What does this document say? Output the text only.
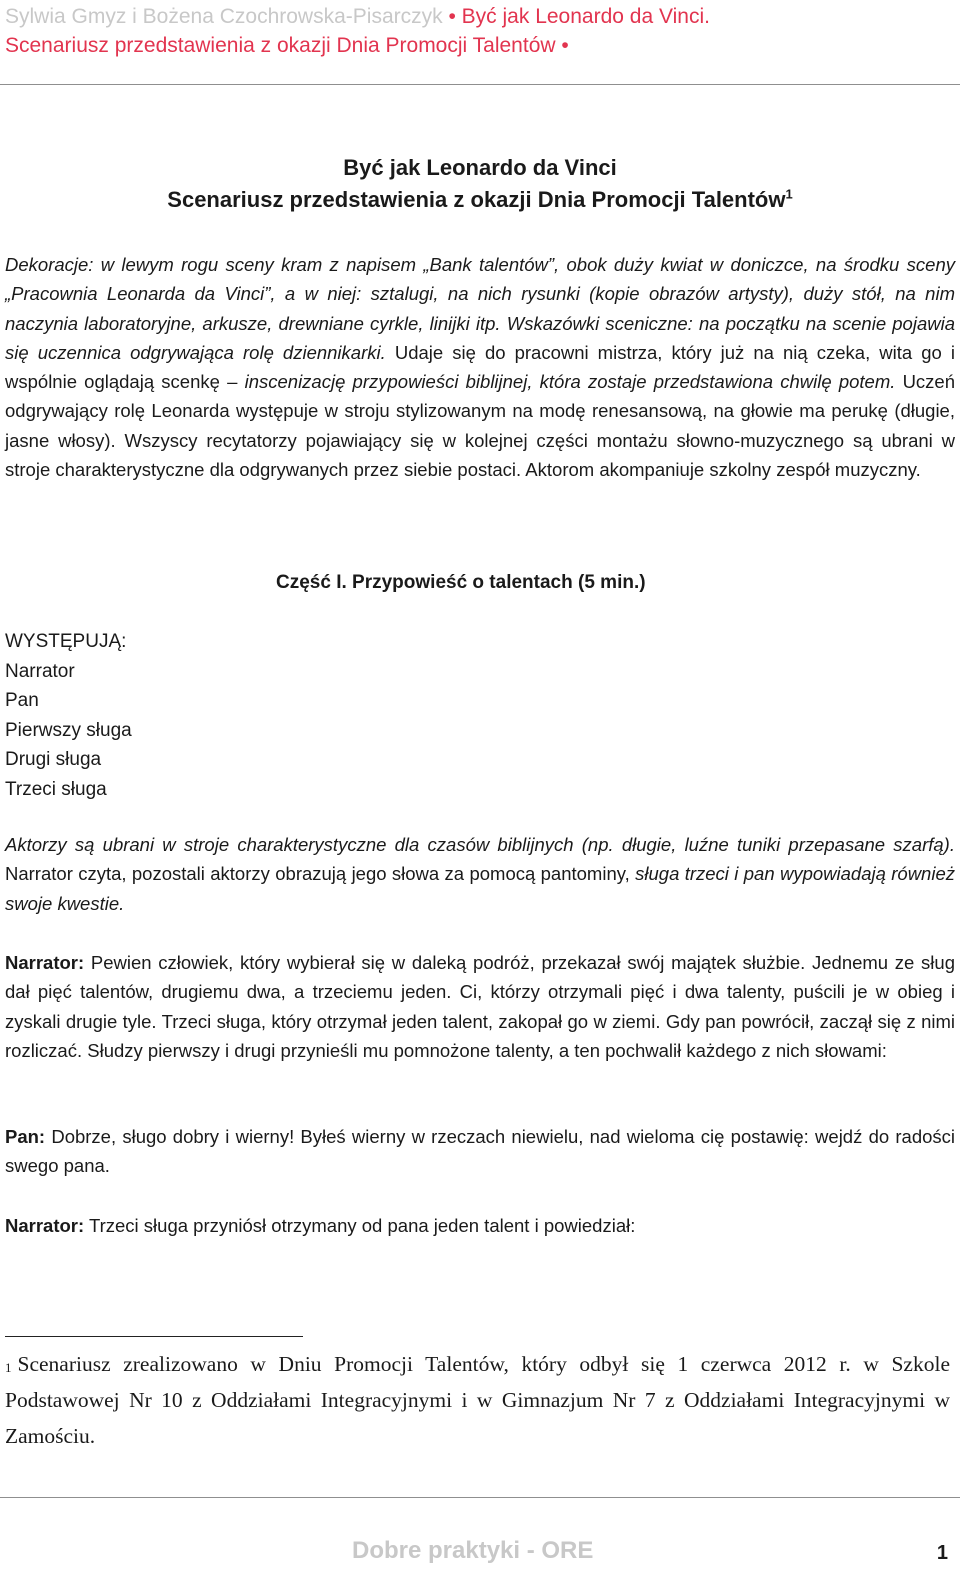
Sylwia Gmyz i Bożena Czochrowska-Pisarczyk • Być jak Leonardo da Vinci.
Scenariusz przedstawienia z okazji Dnia Promocji Talentów •
Być jak Leonardo da Vinci
Scenariusz przedstawienia z okazji Dnia Promocji Talentów$^1$
Dekoracje: w lewym rogu sceny kram z napisem „Bank talentów”, obok duży kwiat w doniczce, na środku sceny „Pracownia Leonarda da Vinci”, a w niej: sztalugi, na nich rysunki (kopie obrazów artysty), duży stół, na nim naczynia laboratoryjne, arkusze, drewniane cyrkle, linijki itp. Wskazówki sceniczne: na początku na scenie pojawia się uczennica odgrywająca rolę dziennikarki. Udaje się do pracowni mistrza, który już na nią czeka, wita go i wspólnie oglądają scenkę – inscenizację przypowieści biblijnej, która zostaje przedstawiona chwilę potem. Uczeń odgrywający rolę Leonarda występuje w stroju stylizowanym na modę renesansową, na głowie ma perukę (długie, jasne włosy). Wszyscy recytatorzy pojawiający się w kolejnej części montażu słowno-muzycznego są ubrani w stroje charakterystyczne dla odgrywanych przez siebie postaci. Aktorom akompaniuje szkolny zespół muzyczny.
Część I. Przypowieść o talentach (5 min.)
WYSTĘPUJĄ:
Narrator
Pan
Pierwszy sługa
Drugi sługa
Trzeci sługa
Aktorzy są ubrani w stroje charakterystyczne dla czasów biblijnych (np. długie, luźne tuniki przepasane szarfą). Narrator czyta, pozostali aktorzy obrazują jego słowa za pomocą pantominy, sługa trzeci i pan wypowiadają również swoje kwestie.
Narrator: Pewien człowiek, który wybierał się w daleką podróż, przekazał swój majątek służbie. Jednemu ze sług dał pięć talentów, drugiemu dwa, a trzeciemu jeden. Ci, którzy otrzymali pięć i dwa talenty, puścili je w obieg i zyskali drugie tyle. Trzeci sługa, który otrzymał jeden talent, zakopał go w ziemi. Gdy pan powrócił, zaczął się z nimi rozliczać. Słudzy pierwszy i drugi przynieśli mu pomnożone talenty, a ten pochwalił każdego z nich słowami:
Pan: Dobrze, sługo dobry i wierny! Byłeś wierny w rzeczach niewielu, nad wieloma cię postawię: wejdź do radości swego pana.
Narrator: Trzeci sługa przyniósł otrzymany od pana jeden talent i powiedział:
$^1$ Scenariusz zrealizowano w Dniu Promocji Talentów, który odbył się 1 czerwca 2012 r. w Szkole Podstawowej Nr 10 z Oddziałami Integracyjnymi i w Gimnazjum Nr 7 z Oddziałami Integracyjnymi w Zamościu.
Dobre praktyki - ORE	1
